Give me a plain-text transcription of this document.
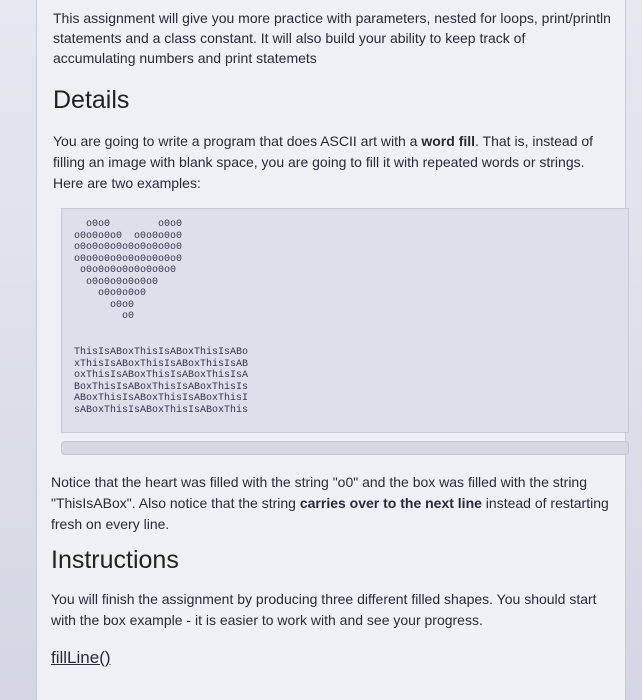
This assignment will give you more practice with parameters, nested for loops, print/println statements and a class constant. It will also build your ability to keep track of accumulating numbers and print statemets
Details
You are going to write a program that does ASCII art with a word fill. That is, instead of filling an image with blank space, you are going to fill it with repeated words or strings. Here are two examples:
o0o0        o0o0
o0o0o0o0  o0o0o0o0
o0o0o0o0o0o0o0o0o0
o0o0o0o0o0o0o0o0o0
o0o0o0o0o0o0o0o0
o0o0o0o0o0o0
o0o0o0o0
o0o0
o0
ThisIsABoxThisIsABoxThisIsABo
xThisIsABoxThisIsABoxThisIsAB
oxThisIsABoxThisIsABoxThisIsA
BoxThisIsABoxThisIsABoxThisIs
ABoxThisIsABoxThisIsABoxThisI
sABoxThisIsABoxThisIsABoxThis
Notice that the heart was filled with the string "o0" and the box was filled with the string "ThisIsABox". Also notice that the string carries over to the next line instead of restarting fresh on every line.
Instructions
You will finish the assignment by producing three different filled shapes. You should start with the box example - it is easier to work with and see your progress.
fillLine()
